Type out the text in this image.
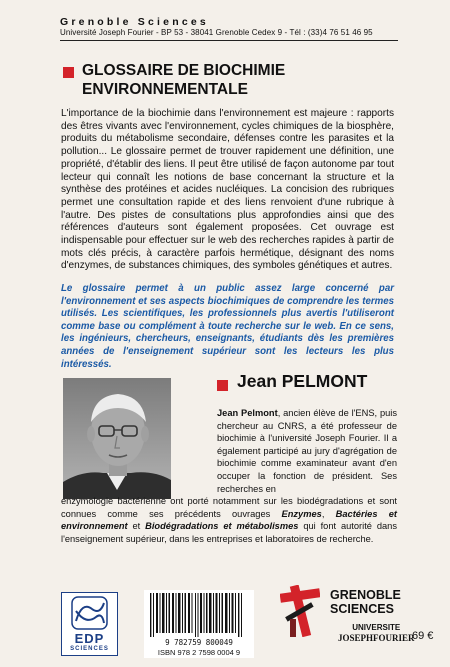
Grenoble Sciences
Université Joseph Fourier - BP 53 - 38041 Grenoble Cedex 9 - Tél : (33)4 76 51 46 95
GLOSSAIRE DE BIOCHIMIE
ENVIRONNEMENTALE
L'importance de la biochimie dans l'environnement est majeure : rapports des êtres vivants avec l'environnement, cycles chimiques de la biosphère, produits du métabolisme secondaire, défenses contre les parasites et la pollution... Le glossaire permet de trouver rapidement une définition, une propriété, d'établir des liens. Il peut être utilisé de façon autonome par tout lecteur qui connaît les notions de base concernant la structure et la synthèse des protéines et acides nucléiques. La concision des rubriques permet une consultation rapide et des liens renvoient d'une rubrique à l'autre. Des pistes de consultations plus approfondies ainsi que des références d'auteurs sont également proposées. Cet ouvrage est indispensable pour effectuer sur le web des recherches rapides à partir de mots clés précis, à caractère parfois hermétique, désignant des noms d'enzymes, de substances chimiques, des symboles génétiques et autres.
Le glossaire permet à un public assez large concerné par l'environnement et ses aspects biochimiques de comprendre les termes utilisés. Les scientifiques, les professionnels plus avertis l'utiliseront comme base ou complément à toute recherche sur le web. En ce sens, les ingénieurs, chercheurs, enseignants, étudiants dès les premières années de l'enseignement supérieur sont les lecteurs les plus intéressés.
Jean PELMONT
Jean Pelmont, ancien élève de l'ENS, puis chercheur au CNRS, a été professeur de biochimie à l'université Joseph Fourier. Il a également participé au jury d'agrégation de biochimie comme examinateur avant d'en occuper la fonction de président. Ses recherches en
enzymologie bactérienne ont porté notamment sur les biodégradations et sont connues comme ses précédents ouvrages Enzymes, Bactéries et environnement et Biodégradations et métabolismes qui font autorité dans l'enseignement supérieur, dans les entreprises et laboratoires de recherche.
EDP
SCIENCES
9 782759 800049
ISBN 978 2 7598 0004 9
GRENOBLE
SCIENCES
UNIVERSITE
JOSEPHFOURIER
69 €
